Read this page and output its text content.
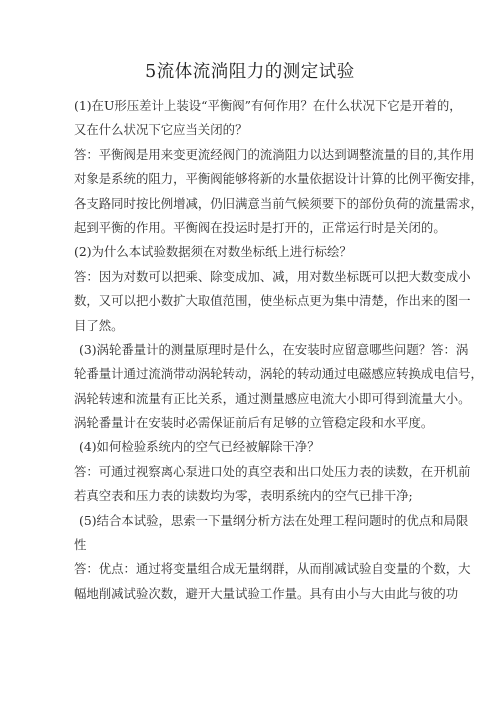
5流体流淌阻力的测定试验
(1)在U形压差计上装设“平衡阀”有何作用？在什么状况下它是开着的，
又在什么状况下它应当关闭的？
答：平衡阀是用来变更流经阀门的流淌阻力以达到调整流量的目的,其作用
对象是系统的阻力，平衡阀能够将新的水量依据设计计算的比例平衡安排，
各支路同时按比例增减，仍旧满意当前气候须要下的部份负荷的流量需求，
起到平衡的作用。平衡阀在投运时是打开的，正常运行时是关闭的。
(2)为什么本试验数据须在对数坐标纸上进行标绘？
答：因为对数可以把乘、除变成加、减，用对数坐标既可以把大数变成小
数，又可以把小数扩大取值范围，使坐标点更为集中清楚，作出来的图一
目了然。
(3)涡轮番量计的测量原理时是什么，在安装时应留意哪些问题？答：涡
轮番量计通过流淌带动涡轮转动，涡轮的转动通过电磁感应转换成电信号，
涡轮转速和流量有正比关系，通过测量感应电流大小即可得到流量大小。
涡轮番量计在安装时必需保证前后有足够的立管稳定段和水平度。
(4)如何检验系统内的空气已经被解除干净？
答：可通过视察离心泵进口处的真空表和出口处压力表的读数，在开机前
若真空表和压力表的读数均为零，表明系统内的空气已排干净;
(5)结合本试验，思索一下量纲分析方法在处理工程问题时的优点和局限
性
答：优点：通过将变量组合成无量纲群，从而削减试验自变量的个数，大
幅地削减试验次数，避开大量试验工作量。具有由小与大由此与彼的功
